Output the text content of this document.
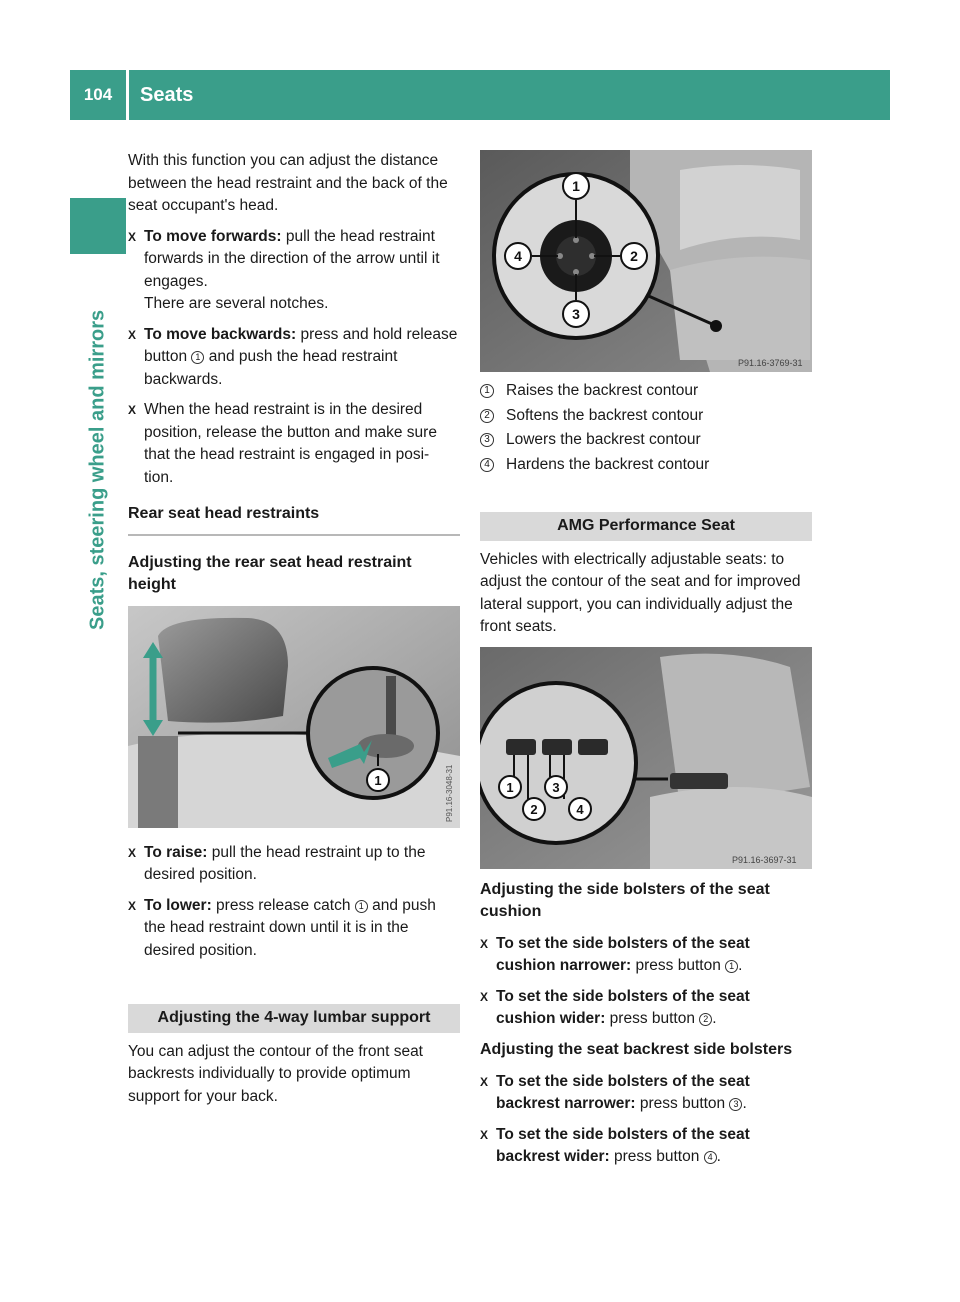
104	Seats
Seats, steering wheel and mirrors

With this function you can adjust the distance between the head restraint and the back of the seat occupant's head.

X To move forwards: pull the head restraint forwards in the direction of the arrow until it engages.
There are several notches.
X To move backwards: press and hold release button 1 and push the head restraint backwards.
X When the head restraint is in the desired position, release the button and make sure that the head restraint is engaged in posi- tion.
Rear seat head restraints
Adjusting the rear seat head restraint height
1	P91.16-3048-31
X To raise: pull the head restraint up to the desired position.
X To lower: press release catch 1 and push the head restraint down until it is in the desired position.
Adjusting the 4-way lumbar support

You can adjust the contour of the front seat backrests individually to provide optimum support for your back.

1
2
3
4
P91.16-3769-31
1 Raises the backrest contour
2 Softens the backrest contour
3 Lowers the backrest contour
4 Hardens the backrest contour
AMG Performance Seat

Vehicles with electrically adjustable seats: to adjust the contour of the seat and for improved lateral support, you can individually adjust the front seats.

1
2
3
4
P91.16-3697-31
Adjusting the side bolsters of the seat cushion
X To set the side bolsters of the seat cushion narrower: press button 1 .
X To set the side bolsters of the seat cushion wider: press button 2 .
Adjusting the seat backrest side bolsters
X To set the side bolsters of the seat backrest narrower: press button 3 .
X To set the side bolsters of the seat backrest wider: press button 4 .
